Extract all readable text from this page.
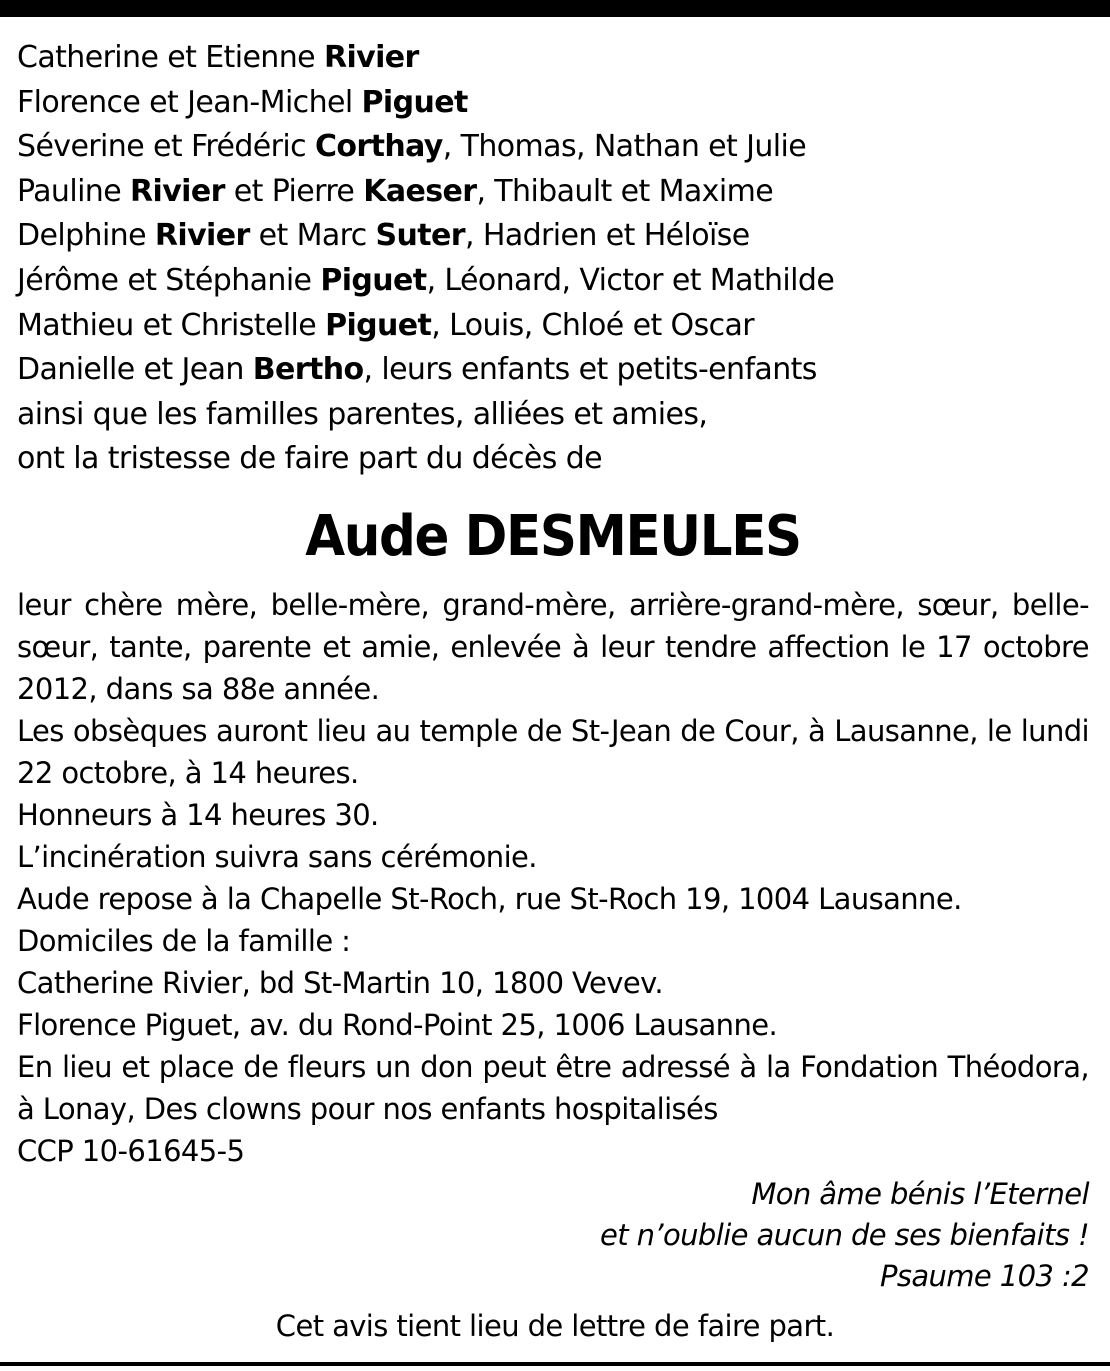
Catherine et Etienne Rivier
Florence et Jean-Michel Piguet
Séverine et Frédéric Corthay, Thomas, Nathan et Julie
Pauline Rivier et Pierre Kaeser, Thibault et Maxime
Delphine Rivier et Marc Suter, Hadrien et Héloïse
Jérôme et Stéphanie Piguet, Léonard, Victor et Mathilde
Mathieu et Christelle Piguet, Louis, Chloé et Oscar
Danielle et Jean Bertho, leurs enfants et petits-enfants
ainsi que les familles parentes, alliées et amies,
ont la tristesse de faire part du décès de
Aude DESMEULES
leur chère mère, belle-mère, grand-mère, arrière-grand-mère, sœur, belle-sœur, tante, parente et amie, enlevée à leur tendre affection le 17 octobre 2012, dans sa 88e année.
Les obsèques auront lieu au temple de St-Jean de Cour, à Lausanne, le lundi 22 octobre, à 14 heures.
Honneurs à 14 heures 30.
L’incinération suivra sans cérémonie.
Aude repose à la Chapelle St-Roch, rue St-Roch 19, 1004 Lausanne.
Domiciles de la famille :
Catherine Rivier, bd St-Martin 10, 1800 Vevev.
Florence Piguet, av. du Rond-Point 25, 1006 Lausanne.
En lieu et place de fleurs un don peut être adressé à la Fondation Théodora, à Lonay, Des clowns pour nos enfants hospitalisés
CCP 10-61645-5
Mon âme bénis l’Eternel
et n’oublie aucun de ses bienfaits !
Psaume 103 :2
Cet avis tient lieu de lettre de faire part.
